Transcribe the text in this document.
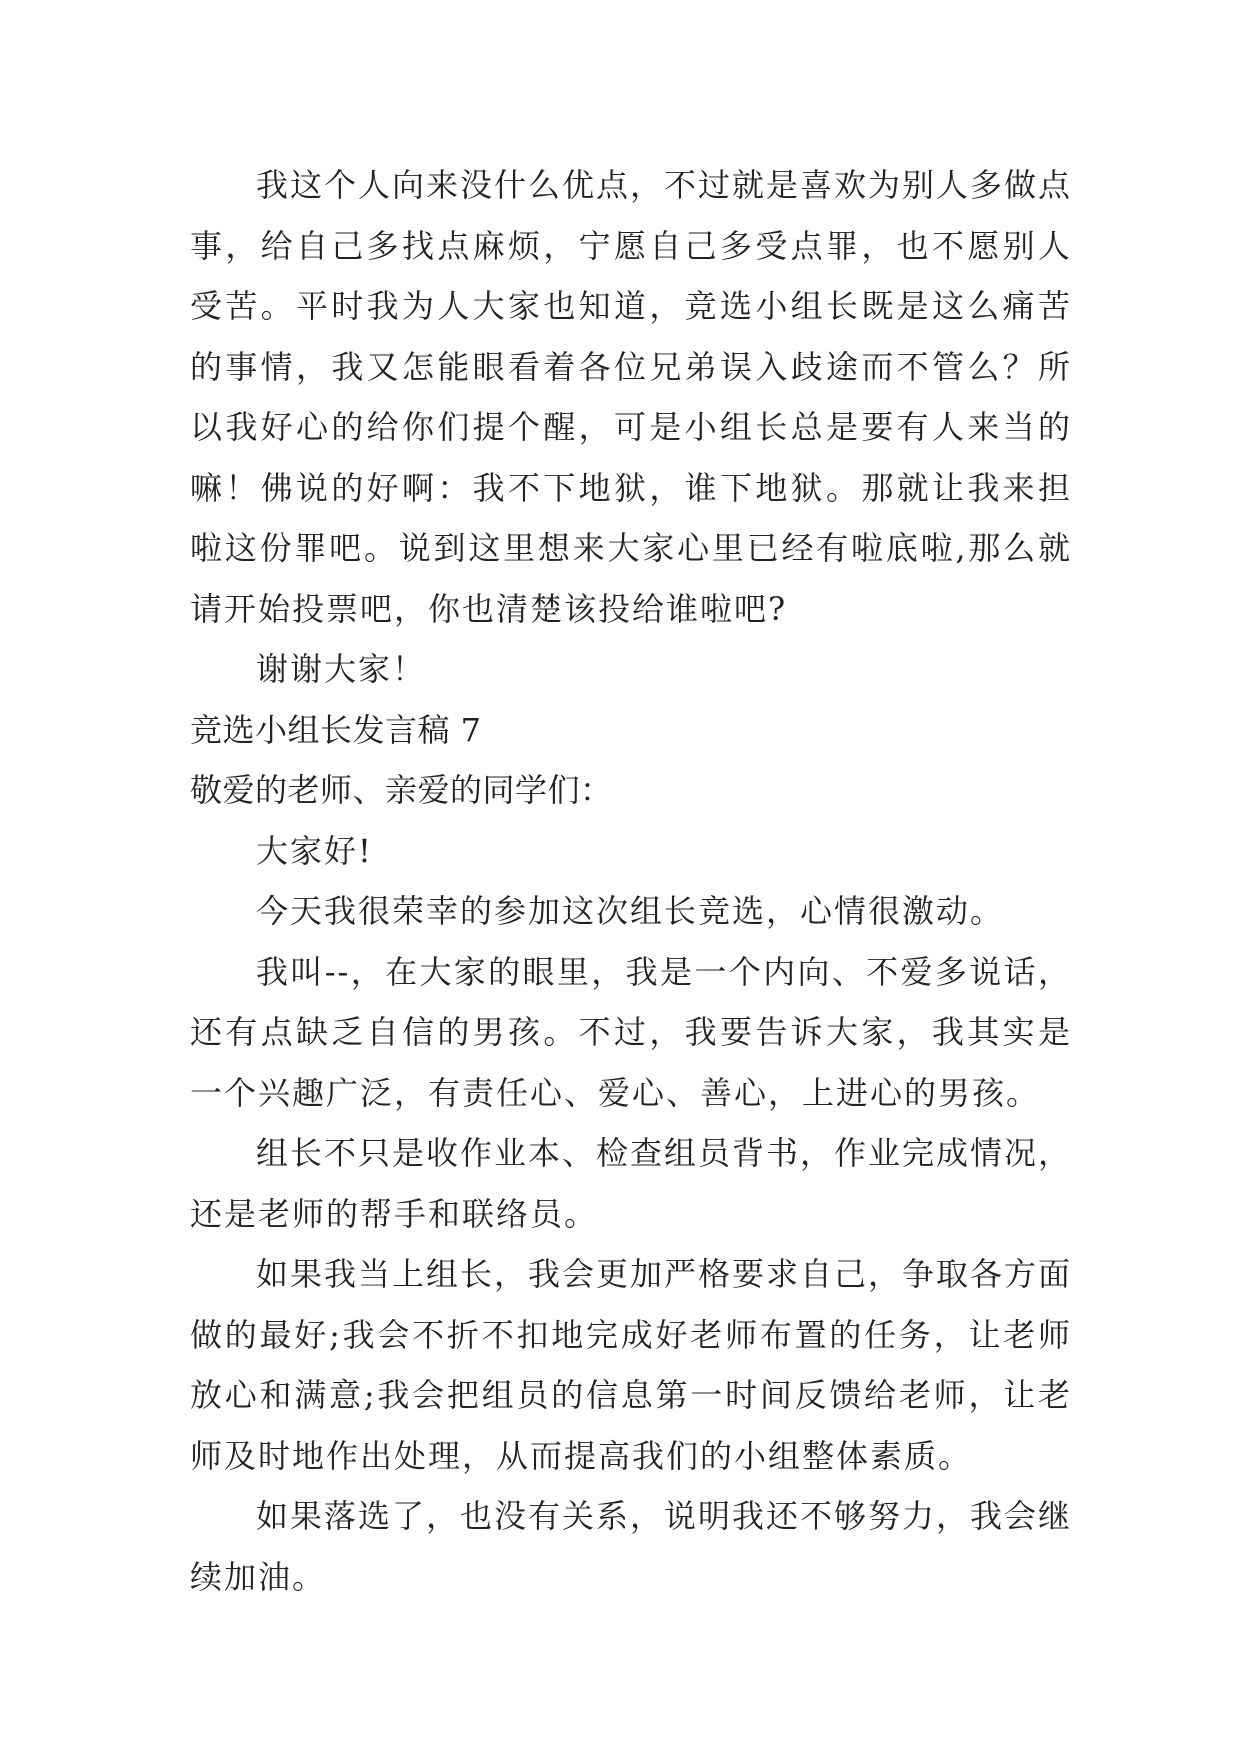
我这个人向来没什么优点，不过就是喜欢为别人多做点事，给自己多找点麻烦，宁愿自己多受点罪，也不愿别人受苦。平时我为人大家也知道，竞选小组长既是这么痛苦的事情，我又怎能眼看着各位兄弟误入歧途而不管么？所以我好心的给你们提个醒，可是小组长总是要有人来当的嘛！佛说的好啊：我不下地狱，谁下地狱。那就让我来担啦这份罪吧。说到这里想来大家心里已经有啦底啦,那么就请开始投票吧，你也清楚该投给谁啦吧?

谢谢大家！

竞选小组长发言稿 7

敬爱的老师、亲爱的同学们：

大家好!

今天我很荣幸的参加这次组长竞选，心情很激动。

我叫--，在大家的眼里，我是一个内向、不爱多说话，还有点缺乏自信的男孩。不过，我要告诉大家，我其实是一个兴趣广泛，有责任心、爱心、善心，上进心的男孩。

组长不只是收作业本、检查组员背书，作业完成情况，还是老师的帮手和联络员。

如果我当上组长，我会更加严格要求自己，争取各方面做的最好;我会不折不扣地完成好老师布置的任务，让老师放心和满意;我会把组员的信息第一时间反馈给老师，让老师及时地作出处理，从而提高我们的小组整体素质。

如果落选了，也没有关系，说明我还不够努力，我会继续加油。
